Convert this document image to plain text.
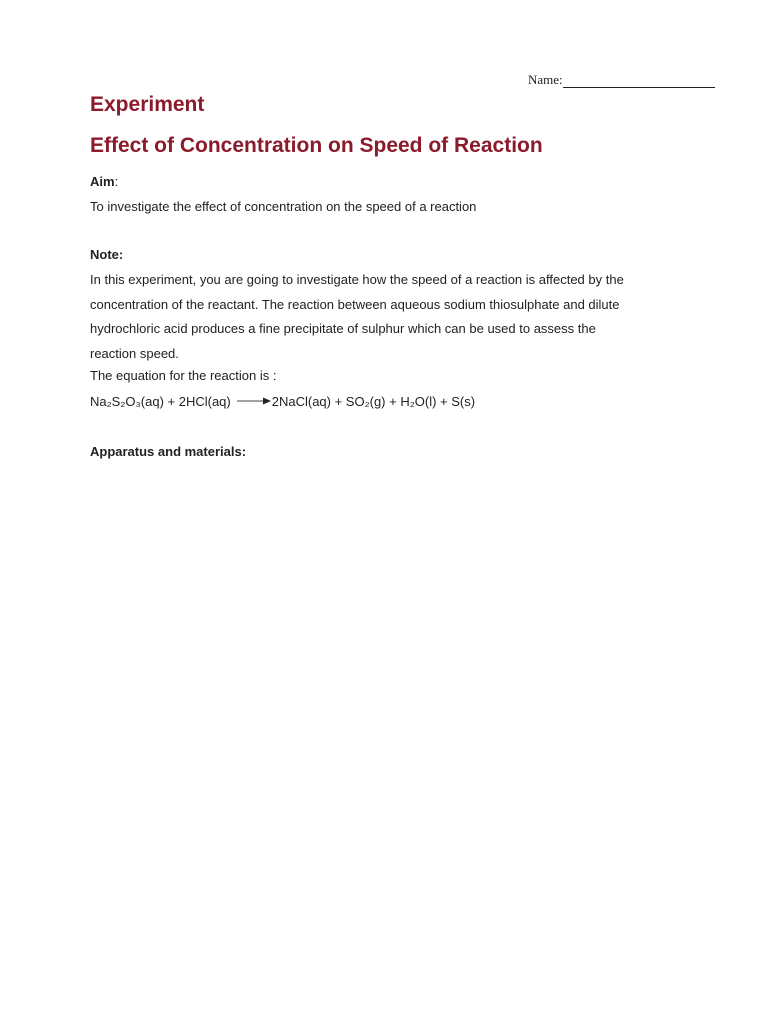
Name:
Experiment
Effect of Concentration on Speed of Reaction

Aim:

To investigate the effect of concentration on the speed of a reaction

Note:

In this experiment, you are going to investigate how the speed of a reaction is affected by the
concentration of the reactant. The reaction between aqueous sodium thiosulphate and dilute
hydrochloric acid produces a fine precipitate of sulphur which can be used to assess the
reaction speed.
The equation for the reaction is :
Na₂S₂O₃(aq) + 2HCl(aq)	2NaCl(aq) + SO₂(g) + H₂O(l) + S(s)

Apparatus and materials:
